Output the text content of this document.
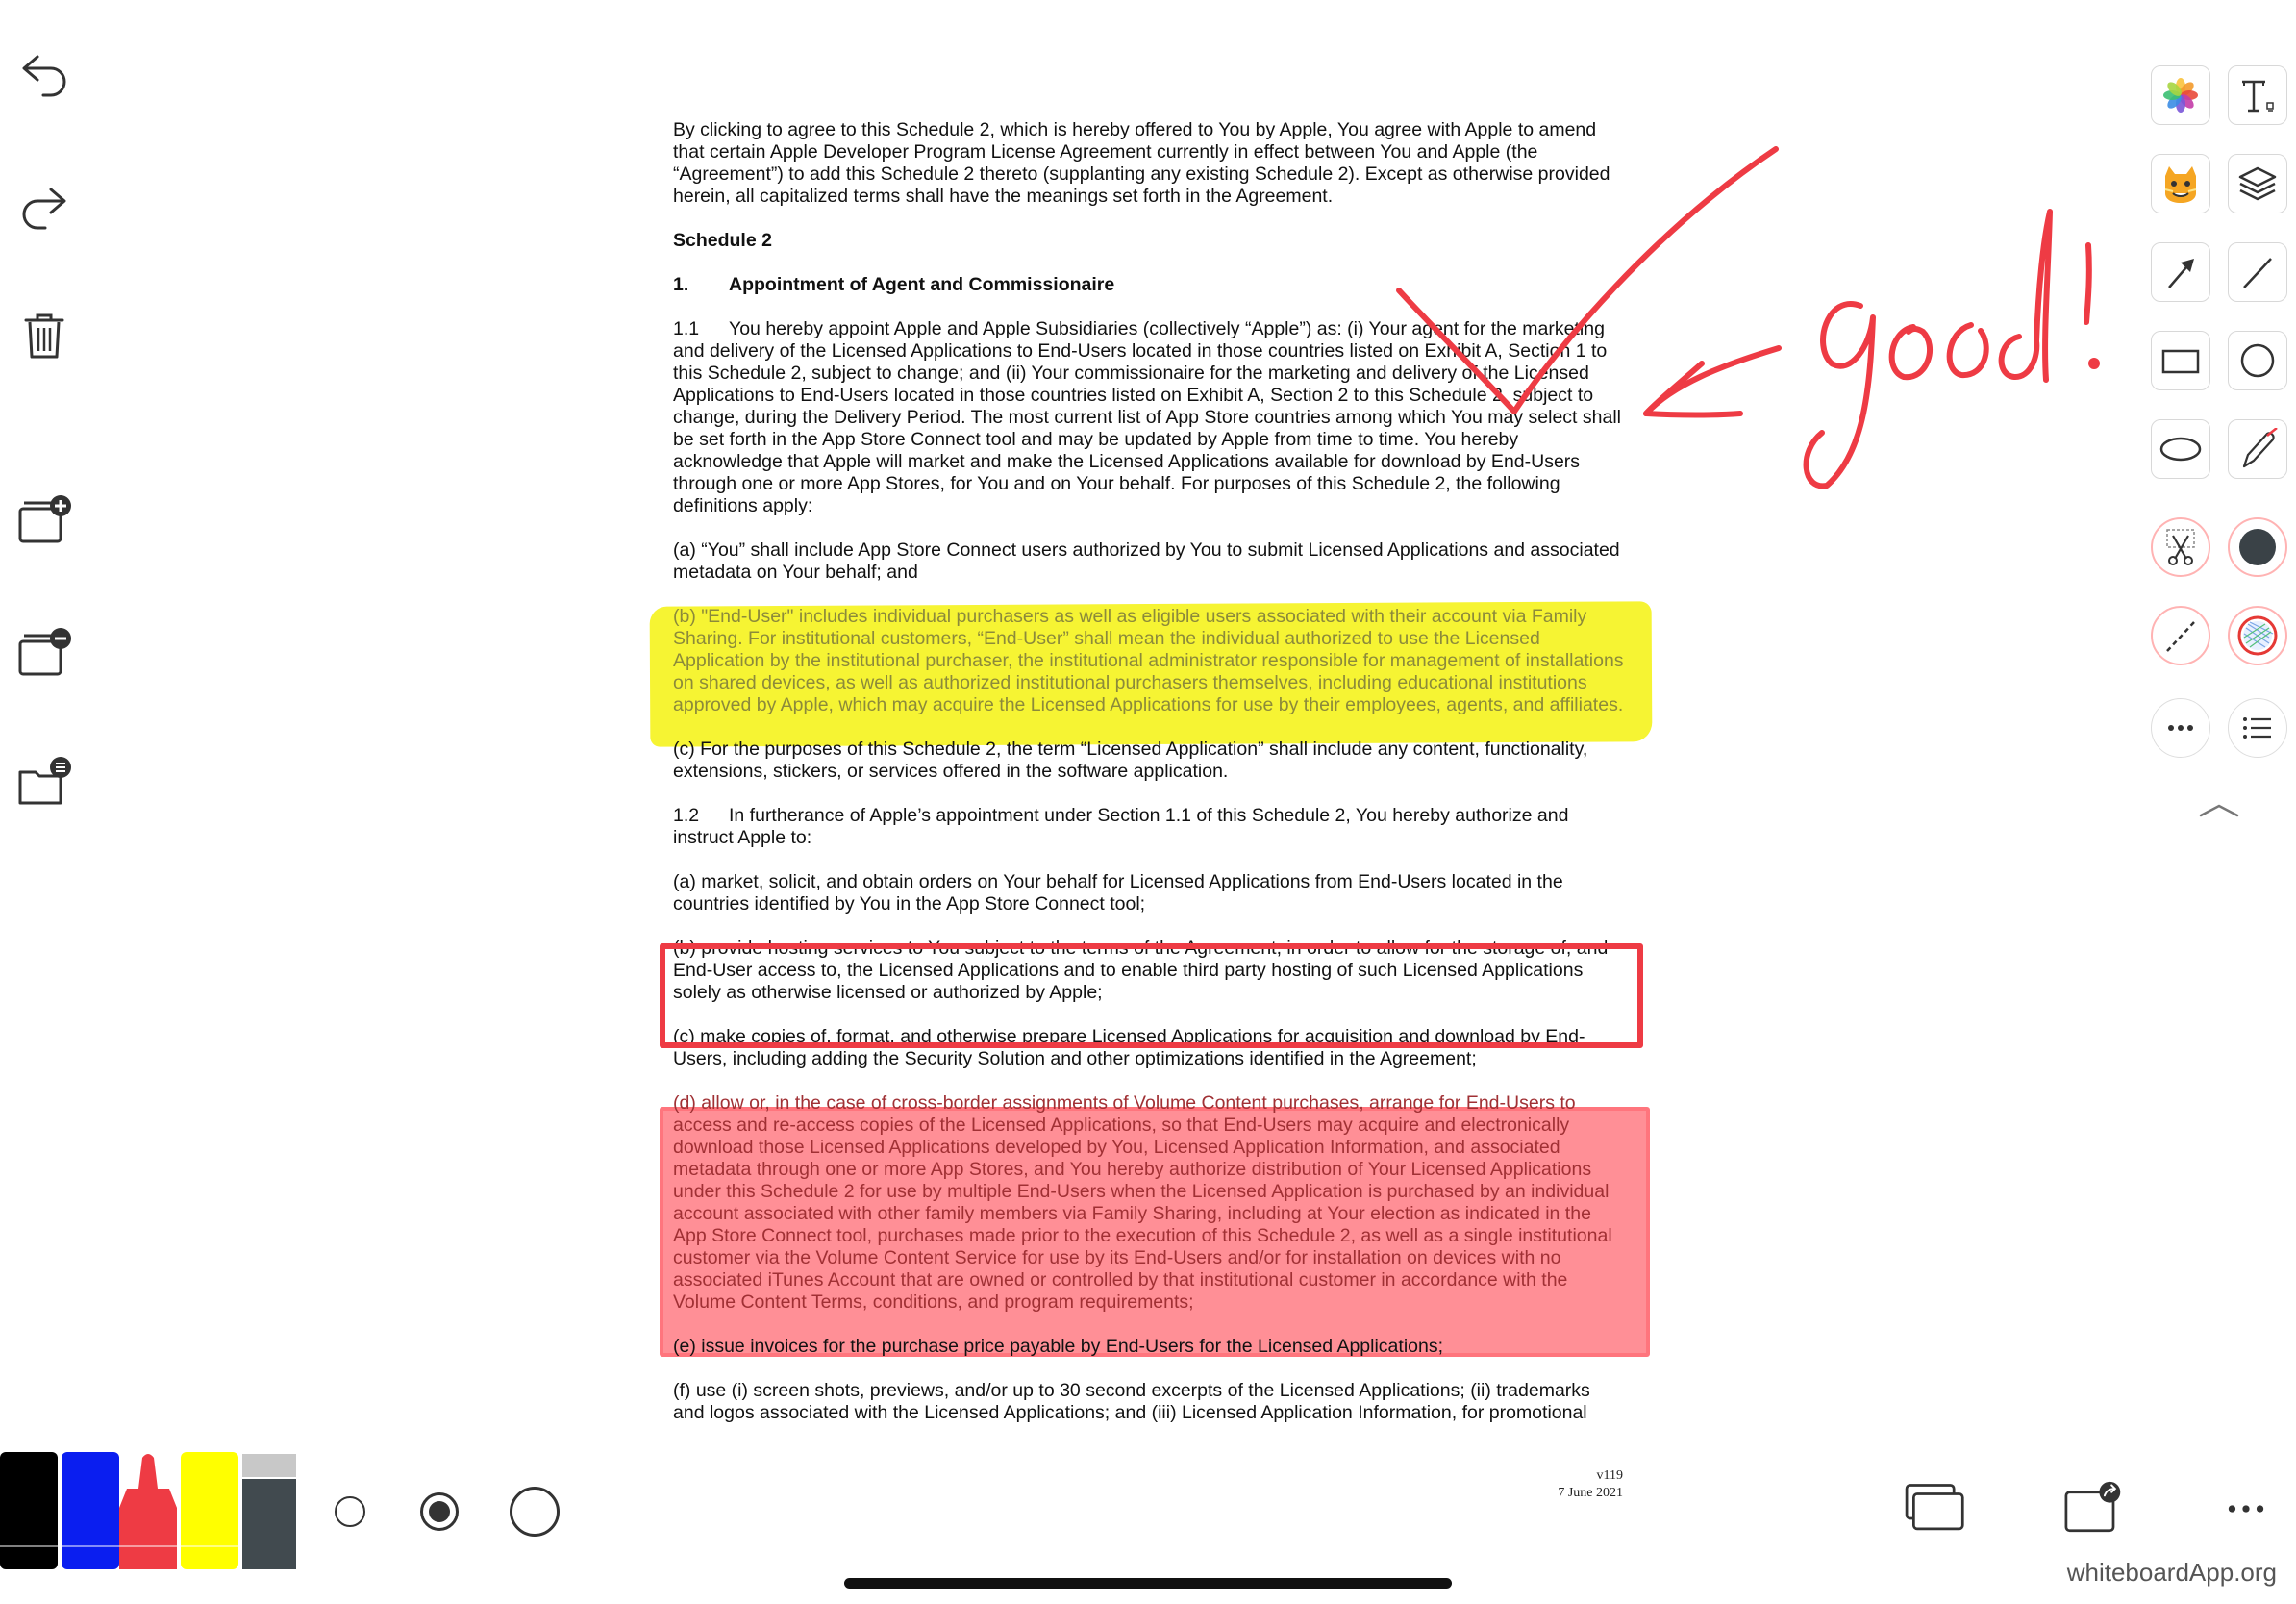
By clicking to agree to this Schedule 2, which is hereby offered to You by Apple, You agree with Apple to amend that certain Apple Developer Program License Agreement currently in effect between You and Apple (the “Agreement”) to add this Schedule 2 thereto (supplanting any existing Schedule 2). Except as otherwise provided herein, all capitalized terms shall have the meanings set forth in the Agreement.

Schedule 2

1. Appointment of Agent and Commissionaire

1.1 You hereby appoint Apple and Apple Subsidiaries (collectively “Apple”) as: (i) Your agent for the marketing and delivery of the Licensed Applications to End-Users located in those countries listed on Exhibit A, Section 1 to this Schedule 2, subject to change; and (ii) Your commissionaire for the marketing and delivery of the Licensed Applications to End-Users located in those countries listed on Exhibit A, Section 2 to this Schedule 2, subject to change, during the Delivery Period. The most current list of App Store countries among which You may select shall be set forth in the App Store Connect tool and may be updated by Apple from time to time. You hereby acknowledge that Apple will market and make the Licensed Applications available for download by End-Users through one or more App Stores, for You and on Your behalf. For purposes of this Schedule 2, the following definitions apply:

(a) “You” shall include App Store Connect users authorized by You to submit Licensed Applications and associated metadata on Your behalf; and

(b) "End-User" includes individual purchasers as well as eligible users associated with their account via Family Sharing. For institutional customers, “End-User” shall mean the individual authorized to use the Licensed Application by the institutional purchaser, the institutional administrator responsible for management of installations on shared devices, as well as authorized institutional purchasers themselves, including educational institutions approved by Apple, which may acquire the Licensed Applications for use by their employees, agents, and affiliates.

(c) For the purposes of this Schedule 2, the term “Licensed Application” shall include any content, functionality, extensions, stickers, or services offered in the software application.

1.2 In furtherance of Apple’s appointment under Section 1.1 of this Schedule 2, You hereby authorize and instruct Apple to:

(a) market, solicit, and obtain orders on Your behalf for Licensed Applications from End-Users located in the countries identified by You in the App Store Connect tool;

(b) provide hosting services to You subject to the terms of the Agreement, in order to allow for the storage of, and End-User access to, the Licensed Applications and to enable third party hosting of such Licensed Applications solely as otherwise licensed or authorized by Apple;

(c) make copies of, format, and otherwise prepare Licensed Applications for acquisition and download by End-Users, including adding the Security Solution and other optimizations identified in the Agreement;

(d) allow or, in the case of cross-border assignments of Volume Content purchases, arrange for End-Users to access and re-access copies of the Licensed Applications, so that End-Users may acquire and electronically download those Licensed Applications developed by You, Licensed Application Information, and associated metadata through one or more App Stores, and You hereby authorize distribution of Your Licensed Applications under this Schedule 2 for use by multiple End-Users when the Licensed Application is purchased by an individual account associated with other family members via Family Sharing, including at Your election as indicated in the App Store Connect tool, purchases made prior to the execution of this Schedule 2, as well as a single institutional customer via the Volume Content Service for use by its End-Users and/or for installation on devices with no associated iTunes Account that are owned or controlled by that institutional customer in accordance with the Volume Content Terms, conditions, and program requirements;

(e) issue invoices for the purchase price payable by End-Users for the Licensed Applications;

(f) use (i) screen shots, previews, and/or up to 30 second excerpts of the Licensed Applications; (ii) trademarks and logos associated with the Licensed Applications; and (iii) Licensed Application Information, for promotional

v119
7 June 2021
whiteboardApp.org
